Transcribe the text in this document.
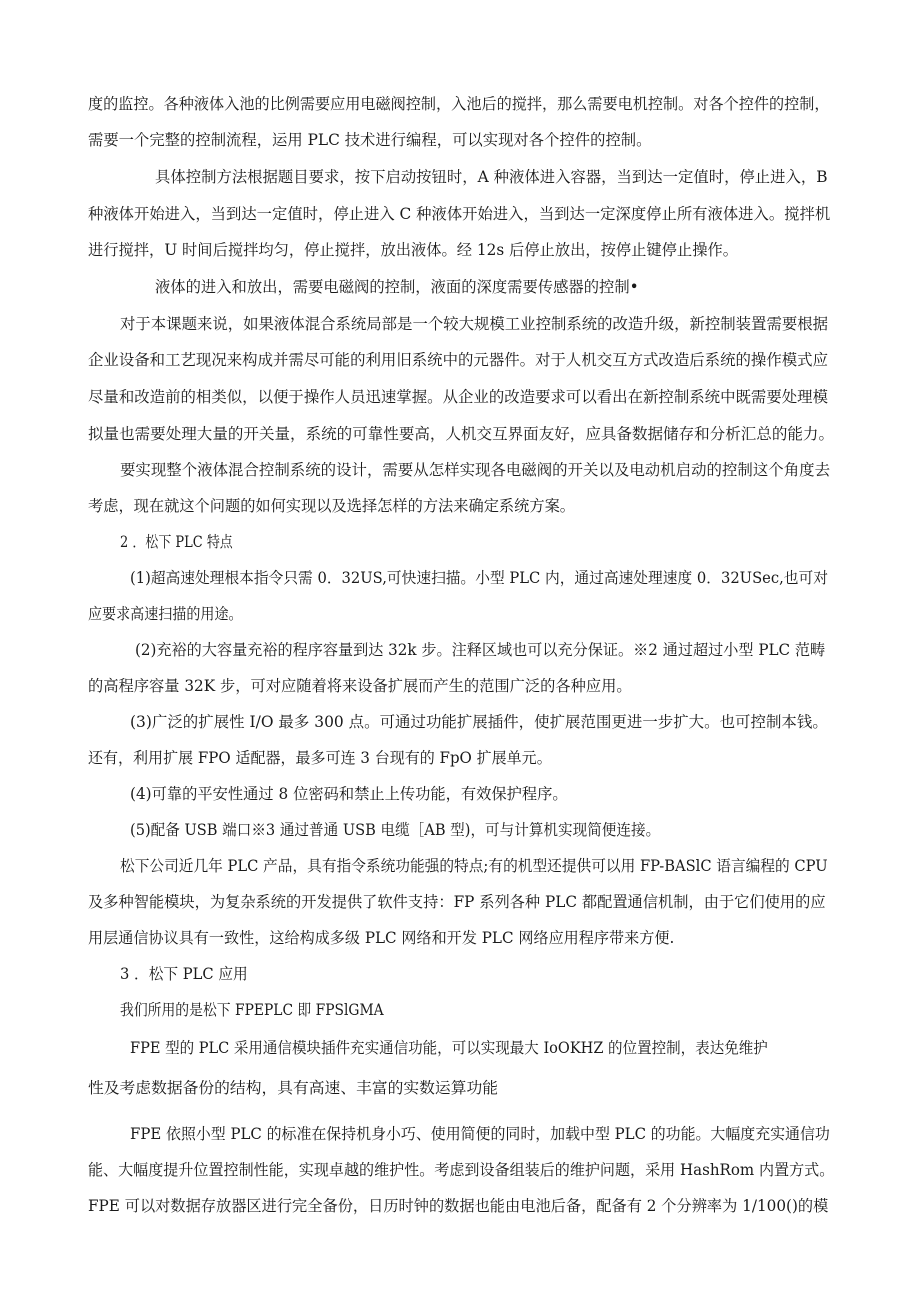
度的监控。各种液体入池的比例需要应用电磁阀控制，入池后的搅拌，那么需要电机控制。对各个控件的控制，
需要一个完整的控制流程，运用 PLC 技术进行编程，可以实现对各个控件的控制。
具体控制方法根据题目要求，按下启动按钮时，A 种液体进入容器，当到达一定值时，停止进入，B
种液体开始进入，当到达一定值时，停止进入 C 种液体开始进入，当到达一定深度停止所有液体进入。搅拌机
进行搅拌，U 时间后搅拌均匀，停止搅拌，放出液体。经 12s 后停止放出，按停止键停止操作。
液体的进入和放出，需要电磁阀的控制，液面的深度需要传感器的控制•
对于本课题来说，如果液体混合系统局部是一个较大规模工业控制系统的改造升级，新控制装置需要根据
企业设备和工艺现况来构成并需尽可能的利用旧系统中的元器件。对于人机交互方式改造后系统的操作模式应
尽量和改造前的相类似，以便于操作人员迅速掌握。从企业的改造要求可以看出在新控制系统中既需要处理模
拟量也需要处理大量的开关量，系统的可靠性要高，人机交互界面友好，应具备数据储存和分析汇总的能力。
要实现整个液体混合控制系统的设计，需要从怎样实现各电磁阀的开关以及电动机启动的控制这个角度去
考虑，现在就这个问题的如何实现以及选择怎样的方法来确定系统方案。
2 ．松下 PLC 特点
(1)超高速处理根本指令只需 0．32US,可快速扫描。小型 PLC 内，通过高速处理速度 0．32USec,也可对
应要求高速扫描的用途。
(2)充裕的大容量充裕的程序容量到达 32k 步。注释区域也可以充分保证。※2 通过超过小型 PLC 范畴
的高程序容量 32K 步，可对应随着将来设备扩展而产生的范围广泛的各种应用。
(3)广泛的扩展性 I/O 最多 300 点。可通过功能扩展插件，使扩展范围更进一步扩大。也可控制本钱。
还有，利用扩展 FPO 适配器，最多可连 3 台现有的 FpO 扩展单元。
(4)可靠的平安性通过 8 位密码和禁止上传功能，有效保护程序。
(5)配备 USB 端口※3 通过普通 USB 电缆［AB 型)，可与计算机实现简便连接。
松下公司近几年 PLC 产品，具有指令系统功能强的特点;有的机型还提供可以用 FP-BASlC 语言编程的 CPU
及多种智能模块，为复杂系统的开发提供了软件支持：FP 系列各种 PLC 都配置通信机制，由于它们使用的应
用层通信协议具有一致性，这给构成多级 PLC 网络和开发 PLC 网络应用程序带来方便.
3 ．松下 PLC 应用
我们所用的是松下 FPEPLC 即 FPSlGMA
FPE 型的 PLC 采用通信模块插件充实通信功能，可以实现最大 IoOKHZ 的位置控制，表达免维护
性及考虑数据备份的结构，具有高速、丰富的实数运算功能
FPE 依照小型 PLC 的标准在保持机身小巧、使用简便的同时，加载中型 PLC 的功能。大幅度充实通信功
能、大幅度提升位置控制性能，实现卓越的维护性。考虑到设备组装后的维护问题，采用 HashRom 内置方式。
FPE 可以对数据存放器区进行完全备份，日历时钟的数据也能由电池后备，配备有 2 个分辨率为 1/100()的模
